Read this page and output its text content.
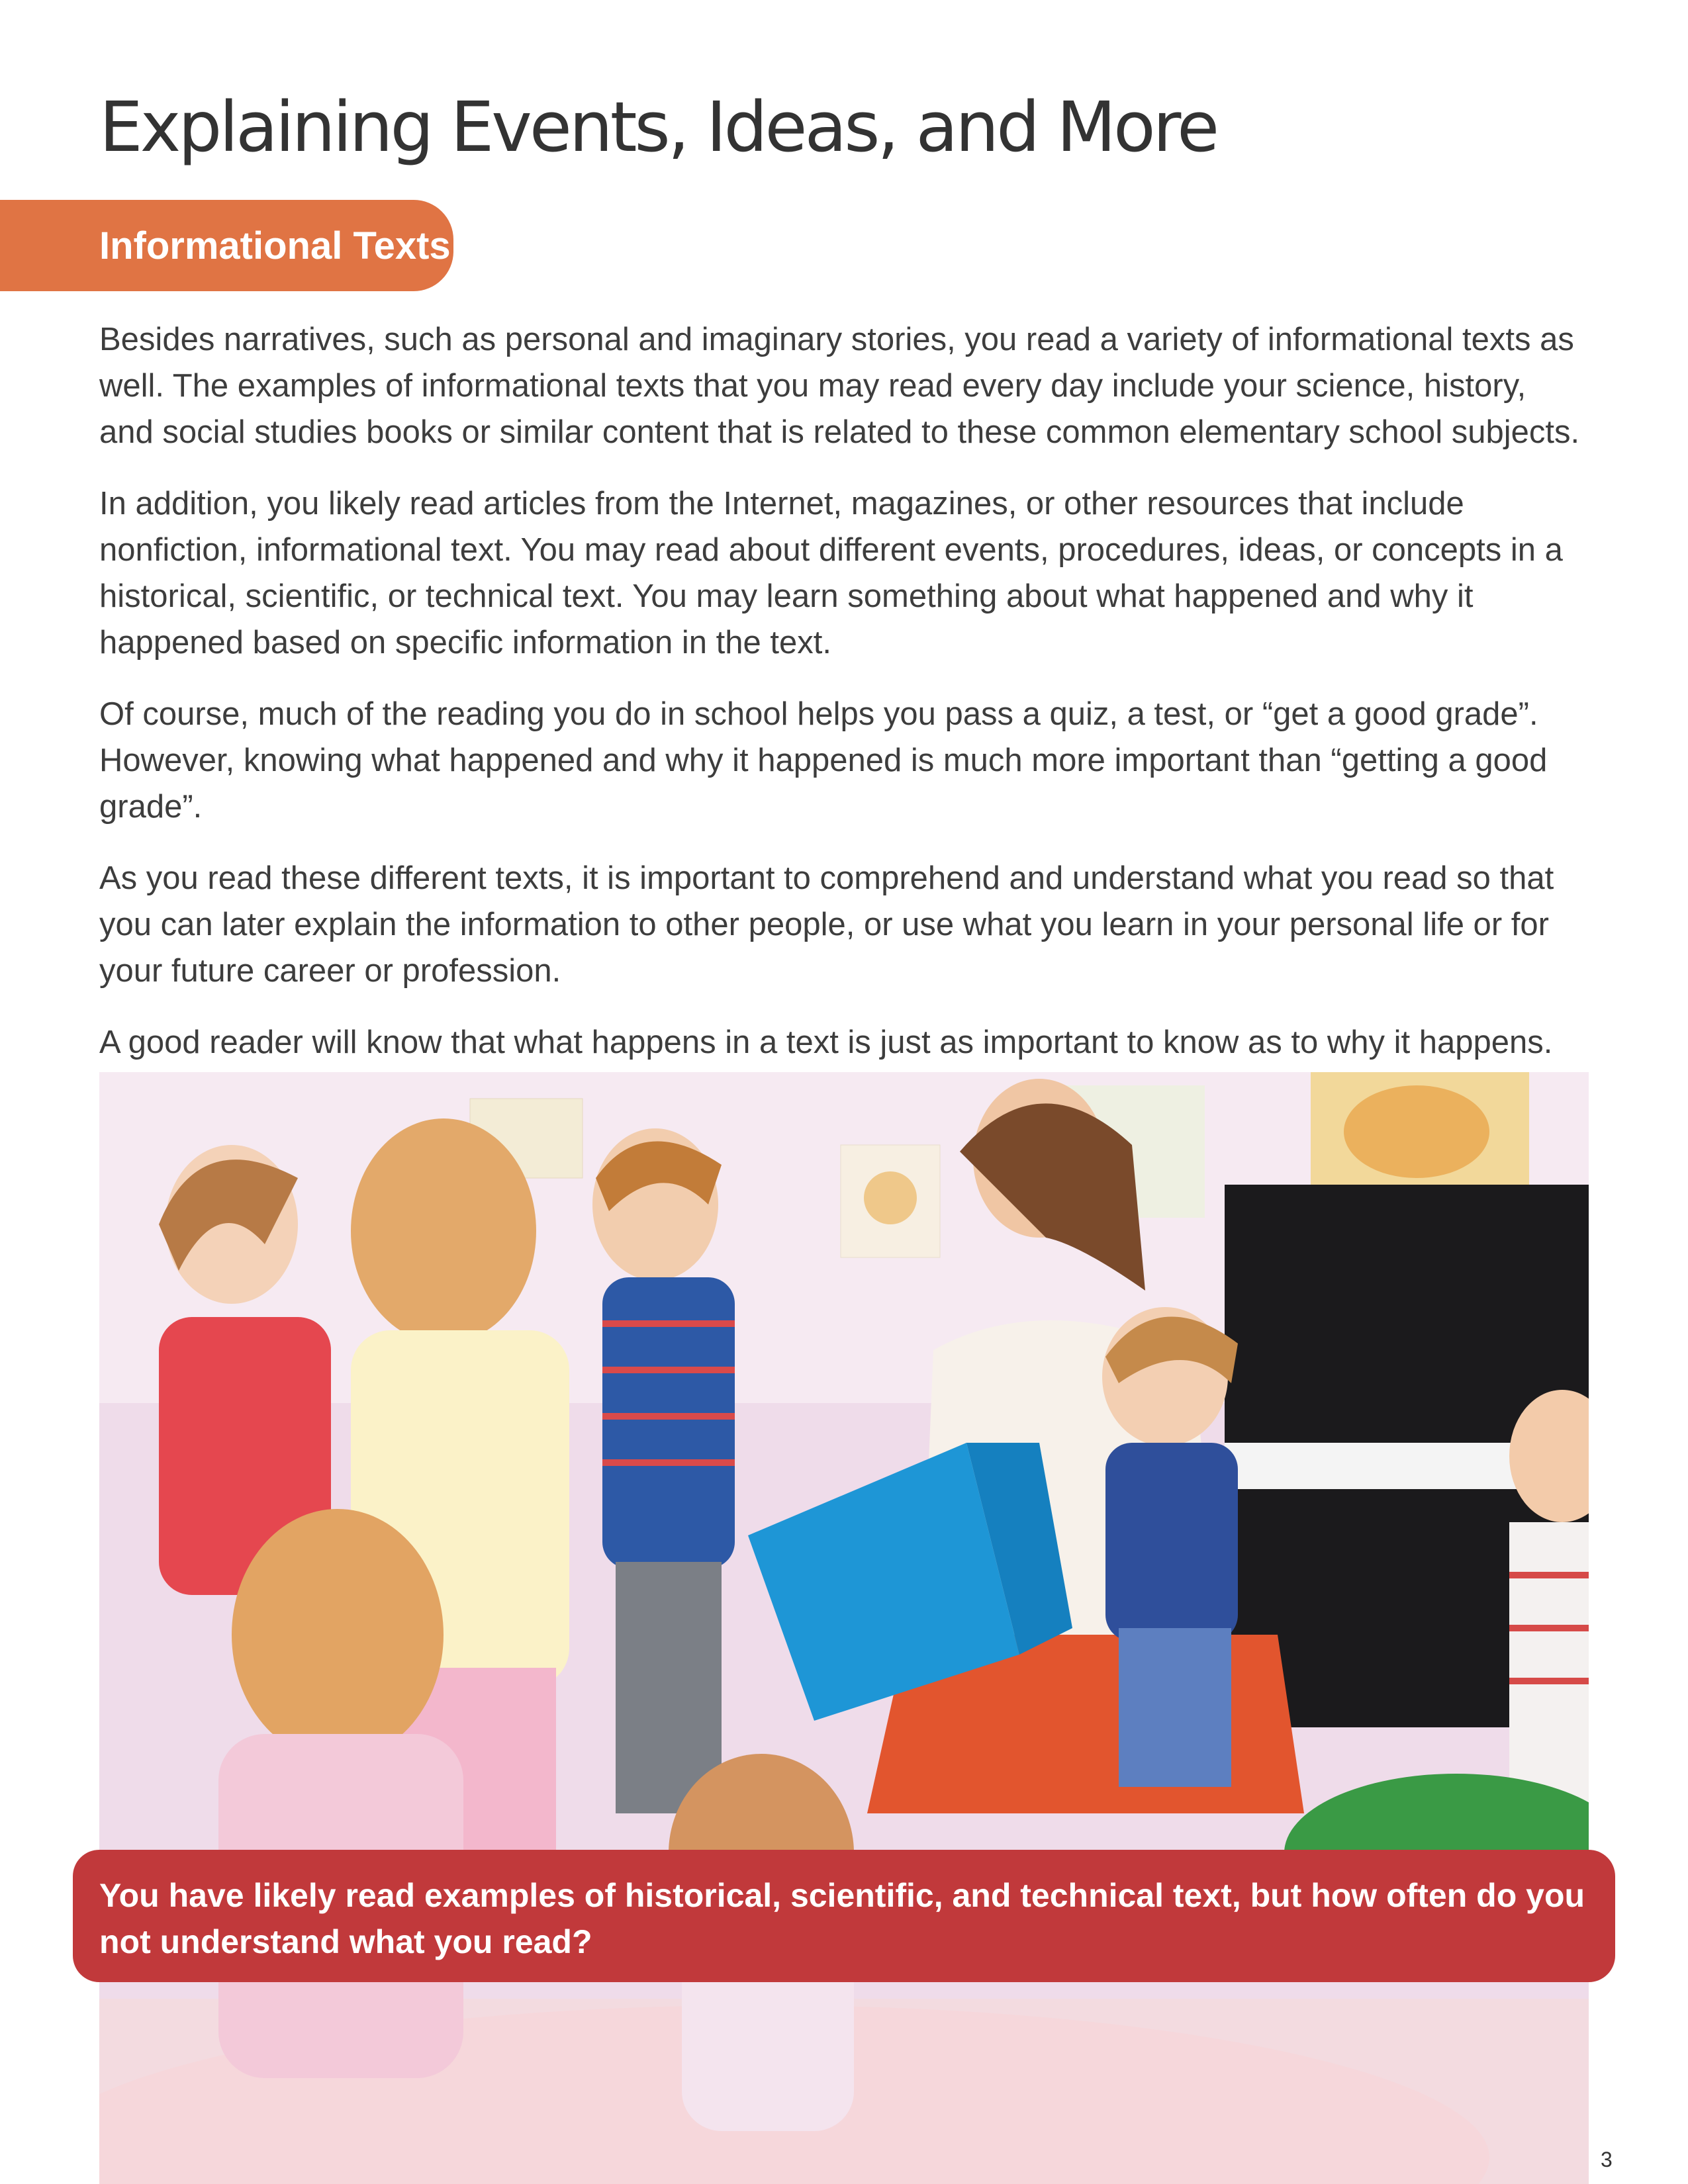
Explaining Events, Ideas, and More
Informational Texts

Besides narratives, such as personal and imaginary stories, you read a variety of informational texts as well. The examples of informational texts that you may read every day include your science, history, and social studies books or similar content that is related to these common elementary school subjects.

In addition, you likely read articles from the Internet, magazines, or other resources that include nonfiction, informational text. You may read about different events, procedures, ideas, or concepts in a historical, scientific, or technical text. You may learn something about what happened and why it happened based on specific information in the text.

Of course, much of the reading you do in school helps you pass a quiz, a test, or “get a good grade”. However, knowing what happened and why it happened is much more important than “getting a good grade”.

As you read these different texts, it is important to comprehend and understand what you read so that you can later explain the information to other people, or use what you learn in your personal life or for your future career or profession.

A good reader will know that what happens in a text is just as important to know as to why it happens.

You have likely read examples of historical, scientific, and technical text, but how often do you not understand what you read?
3
